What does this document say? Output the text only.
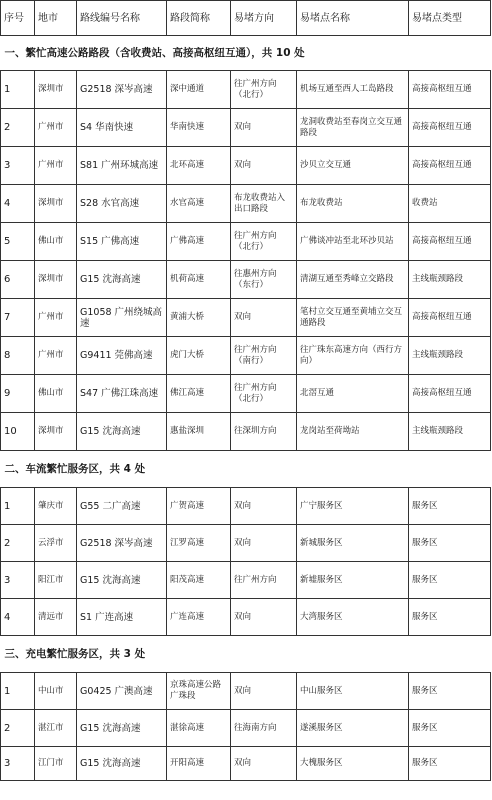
序号	地市	路线编号名称	路段简称	易堵方向	易堵点名称	易堵点类型
一、繁忙高速公路路段（含收费站、高接高枢纽互通），共 10 处						
1	深圳市	G2518 深岑高速	深中通道	往广州方向（北行）	机场互通至西人工岛路段	高接高枢纽互通
2	广州市	S4 华南快速	华南快速	双向	龙洞收费站至春岗立交互通路段	高接高枢纽互通
3	广州市	S81 广州环城高速	北环高速	双向	沙贝立交互通	高接高枢纽互通
4	深圳市	S28 水官高速	水官高速	布龙收费站入出口路段	布龙收费站	收费站
5	佛山市	S15 广佛高速	广佛高速	往广州方向（北行）	广佛谈冲站至北环沙贝站	高接高枢纽互通
6	深圳市	G15 沈海高速	机荷高速	往惠州方向（东行）	清湖互通至秀峰立交路段	主线瓶颈路段
7	广州市	G1058 广州绕城高速	黄浦大桥	双向	笔村立交互通至黄埔立交互通路段	高接高枢纽互通
8	广州市	G9411 莞佛高速	虎门大桥	往广州方向（南行）	往广珠东高速方向（西行方向）	主线瓶颈路段
9	佛山市	S47 广佛江珠高速	佛江高速	往广州方向（北行）	北滘互通	高接高枢纽互通
10	深圳市	G15 沈海高速	惠盐深圳	往深圳方向	龙岗站至荷坳站	主线瓶颈路段
二、车流繁忙服务区，共 4 处						
1	肇庆市	G55 二广高速	广贺高速	双向	广宁服务区	服务区
2	云浮市	G2518 深岑高速	江罗高速	双向	新城服务区	服务区
3	阳江市	G15 沈海高速	阳茂高速	往广州方向	新墟服务区	服务区
4	清远市	S1 广连高速	广连高速	双向	大湾服务区	服务区
三、充电繁忙服务区，共 3 处						
1	中山市	G0425 广澳高速	京珠高速公路广珠段	双向	中山服务区	服务区
2	湛江市	G15 沈海高速	湛徐高速	往海南方向	遂溪服务区	服务区
3	江门市	G15 沈海高速	开阳高速	双向	大槐服务区	服务区
